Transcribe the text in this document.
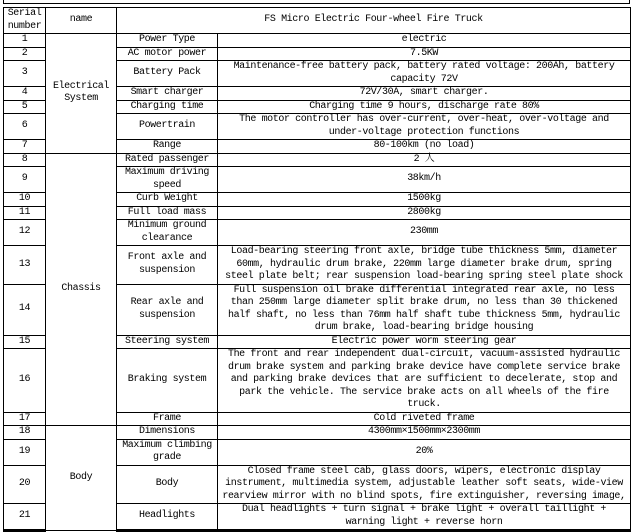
Serial number	name	FS Micro Electric Four-wheel Fire Truck	
1	Electrical System	Power Type	electric
2		AC motor power	7.5KW
3		Battery Pack	Maintenance-free battery pack, battery rated voltage: 200Ah, battery capacity 72V
4		Smart charger	72V/30A, smart charger.
5		Charging time	Charging time 9 hours, discharge rate 80%
6		Powertrain	The motor controller has over-current, over-heat, over-voltage and under-voltage protection functions
7		Range	80-100km (no load)
8	Chassis	Rated passenger	2 人
9		Maximum driving speed	38km/h
10		Curb Weight	1500kg
11		Full load mass	2800kg
12		Minimum ground clearance	230mm
13		Front axle and suspension	Load-bearing steering front axle, bridge tube thickness 5mm, diameter 60mm, hydraulic drum brake, 220mm large diameter brake drum, spring steel plate belt; rear suspension load-bearing spring steel plate shock
14		Rear axle and suspension	Full suspension oil brake differential integrated rear axle, no less than 250mm large diameter split brake drum, no less than 30 thickened half shaft, no less than 76mm half shaft tube thickness 5mm, hydraulic drum brake, load-bearing bridge housing
15		Steering system	Electric power worm steering gear
16		Braking system	The front and rear independent dual-circuit, vacuum-assisted hydraulic drum brake system and parking brake device have complete service brake and parking brake devices that are sufficient to decelerate, stop and park the vehicle. The service brake acts on all wheels of the fire truck.
17		Frame	Cold riveted frame
18	Body	Dimensions	4300mm×1500mm×2300mm
19		Maximum climbing grade	20%
20		Body	Closed frame steel cab, glass doors, wipers, electronic display instrument, multimedia system, adjustable leather soft seats, wide-view rearview mirror with no blind spots, fire extinguisher, reversing image,
21		Headlights	Dual headlights + turn signal + brake light + overall taillight + warning light + reverse horn
